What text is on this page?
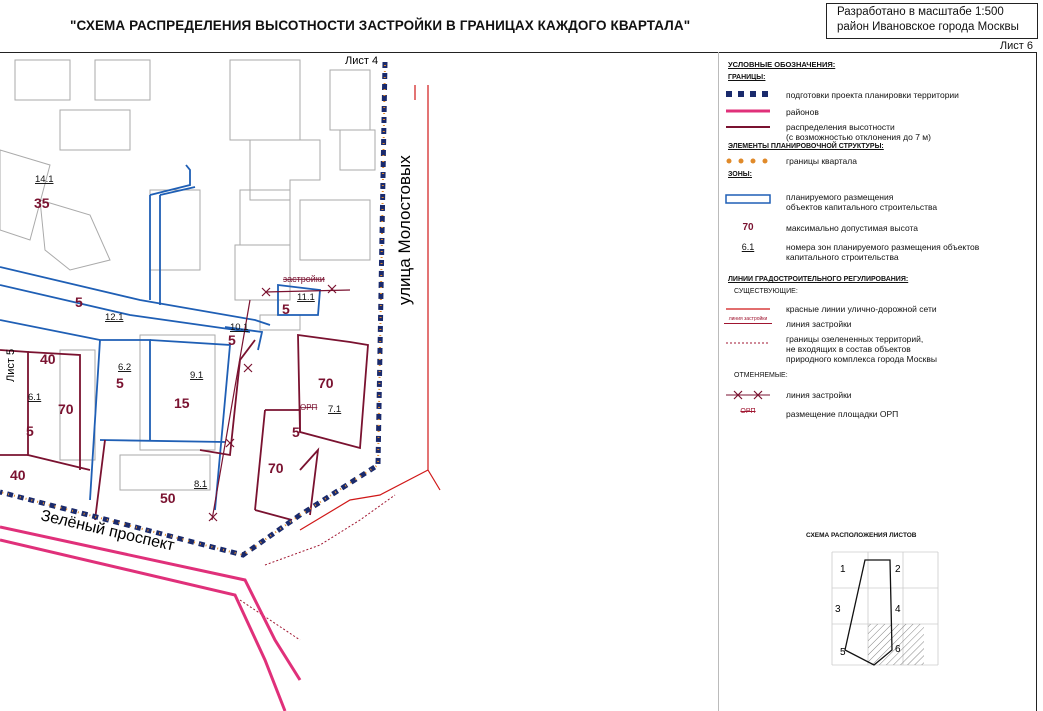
"СХЕМА РАСПРЕДЕЛЕНИЯ ВЫСОТНОСТИ ЗАСТРОЙКИ В ГРАНИЦАХ КАЖДОГО КВАРТАЛА"
Разработано в масштабе 1:500
район Ивановское города Москвы
Лист 6
Лист 4
Лист 5
улица Молостовых
Зелёный проспект
14.1
12.1
11.1
10.1
6.2
9.1
6.1
7.1
8.1
35
5	5
5
40
5
15
70
70
5	5
40	70
50
застройки
ОРП
УСЛОВНЫЕ ОБОЗНАЧЕНИЯ:
ГРАНИЦЫ:
подготовки проекта планировки территории
районов
распределения высотности
(с возможностью отклонения до 7 м)
ЭЛЕМЕНТЫ ПЛАНИРОВОЧНОЙ СТРУКТУРЫ:
границы квартала
ЗОНЫ:
планируемого размещения
объектов капитального строительства
70	максимально допустимая высота
6.1	номера зон планируемого размещения объектов
капитального строительства
ЛИНИИ ГРАДОСТРОИТЕЛЬНОГО РЕГУЛИРОВАНИЯ:
СУЩЕСТВУЮЩИЕ:
красные линии улично-дорожной сети
линия застройки	линия застройки
границы озелененных территорий,
не входящих в состав объектов
природного комплекса города Москвы
ОТМЕНЯЕМЫЕ:
линия застройки
ОРП	размещение площадки ОРП
СХЕМА РАСПОЛОЖЕНИЯ ЛИСТОВ
1	2
3	4
5	6
